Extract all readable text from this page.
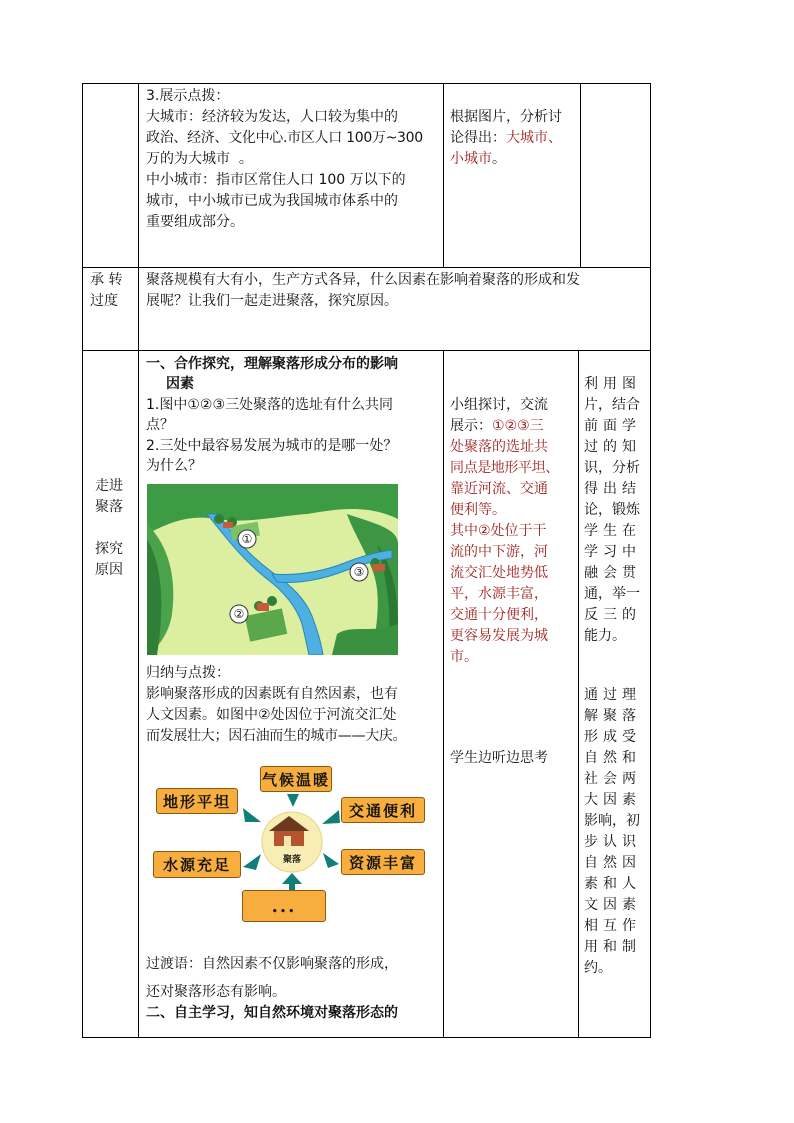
3.展示点拨：
大城市：经济较为发达，人口较为集中的
政治、经济、文化中心.市区人口 100万~300
万的为大城市  。
中小城市：指市区常住人口 100 万以下的
城市，中小城市已成为我国城市体系中的
重要组成部分。
根据图片，分析讨
论得出：大城市、
小城市。
承 转
过度
聚落规模有大有小，生产方式各异，什么因素在影响着聚落的形成和发
展呢？让我们一起走进聚落，探究原因。
走进
聚落
探究
原因
一、合作探究，理解聚落形成分布的影响
因素
1.图中①②③三处聚落的选址有什么共同
点？
2.三处中最容易发展为城市的是哪一处？
为什么？
①
②
③
归纳与点拨：
影响聚落形成的因素既有自然因素，也有
人文因素。如图中②处因位于河流交汇处
而发展壮大；因石油而生的城市——大庆。
聚落
气候温暖
地形平坦	交通便利
水源充足	资源丰富
...
过渡语：自然因素不仅影响聚落的形成，
还对聚落形态有影响。
二、自主学习，知自然环境对聚落形态的
小组探讨，交流
展示：①②③三
处聚落的选址共
同点是地形平坦、
靠近河流、交通
便利等。
其中②处位于干
流的中下游，河
流交汇处地势低
平，水源丰富，
交通十分便利，
更容易发展为城
市。
学生边听边思考
利用图
片，结合
前面学
过的知
识，分析
得出结
论，锻炼
学生在
学习中
融会贯
通，举一
反三的
能力。
通过理
解聚落
形成受
自然和
社会两
大因素
影响，初
步认识
自然因
素和人
文因素
相互作
用和制
约。
